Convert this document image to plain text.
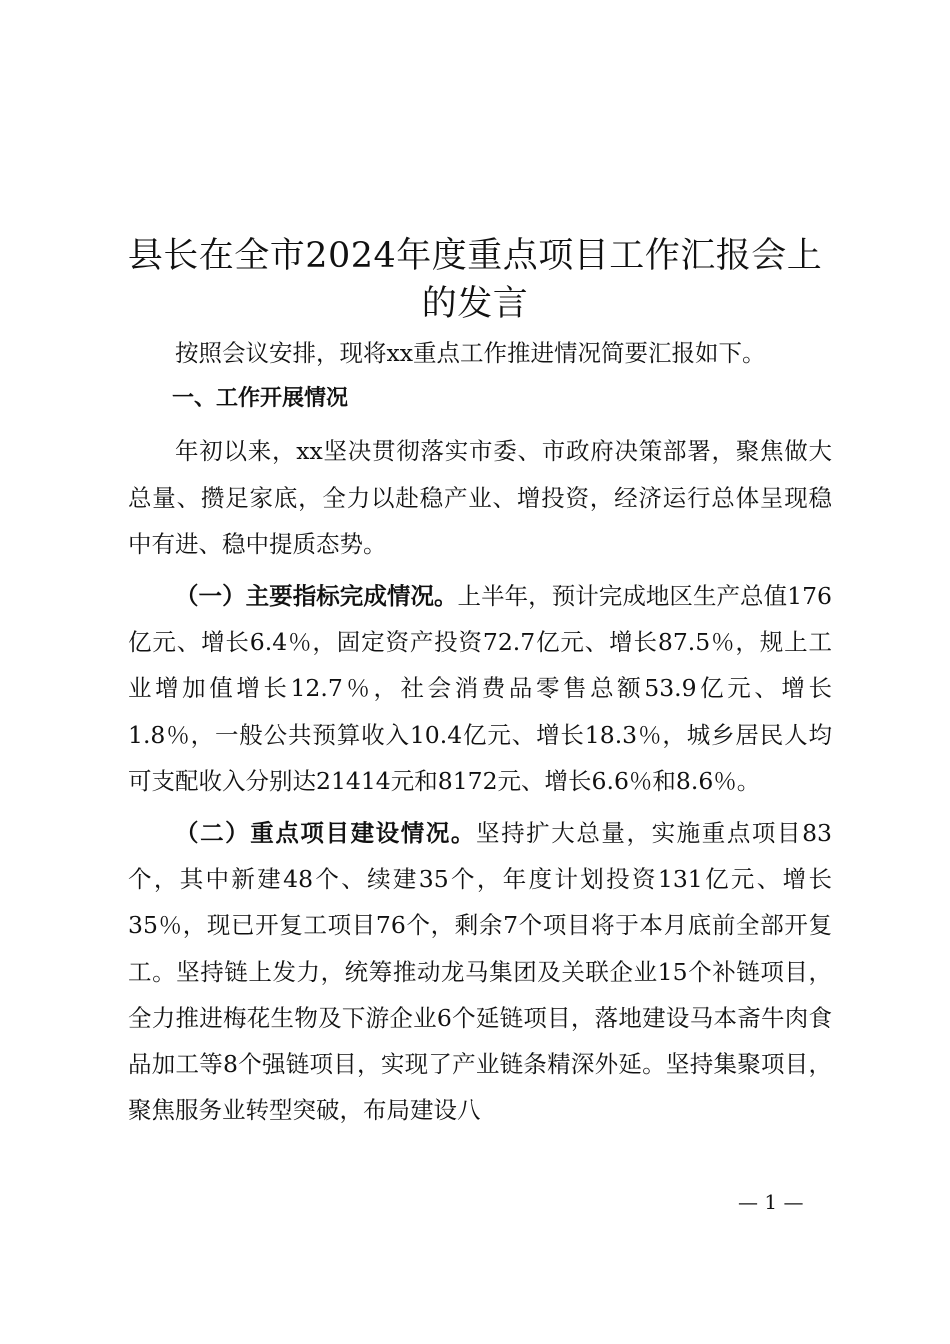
县长在全市2024年度重点项目工作汇报会上的发言

按照会议安排，现将xx重点工作推进情况简要汇报如下。

一、工作开展情况

年初以来，xx坚决贯彻落实市委、市政府决策部署，聚焦做大总量、攒足家底，全力以赴稳产业、增投资，经济运行总体呈现稳中有进、稳中提质态势。

（一）主要指标完成情况。上半年，预计完成地区生产总值176亿元、增长6.4％，固定资产投资72.7亿元、增长87.5％，规上工业增加值增长12.7％，社会消费品零售总额53.9亿元、增长1.8％，一般公共预算收入10.4亿元、增长18.3％，城乡居民人均可支配收入分别达21414元和8172元、增长6.6％和8.6％。

（二）重点项目建设情况。坚持扩大总量，实施重点项目83个，其中新建48个、续建35个，年度计划投资131亿元、增长35％，现已开复工项目76个，剩余7个项目将于本月底前全部开复工。坚持链上发力，统筹推动龙马集团及关联企业15个补链项目，全力推进梅花生物及下游企业6个延链项目，落地建设马本斋牛肉食品加工等8个强链项目，实现了产业链条精深外延。坚持集聚项目，聚焦服务业转型突破，布局建设八

— 1 —
